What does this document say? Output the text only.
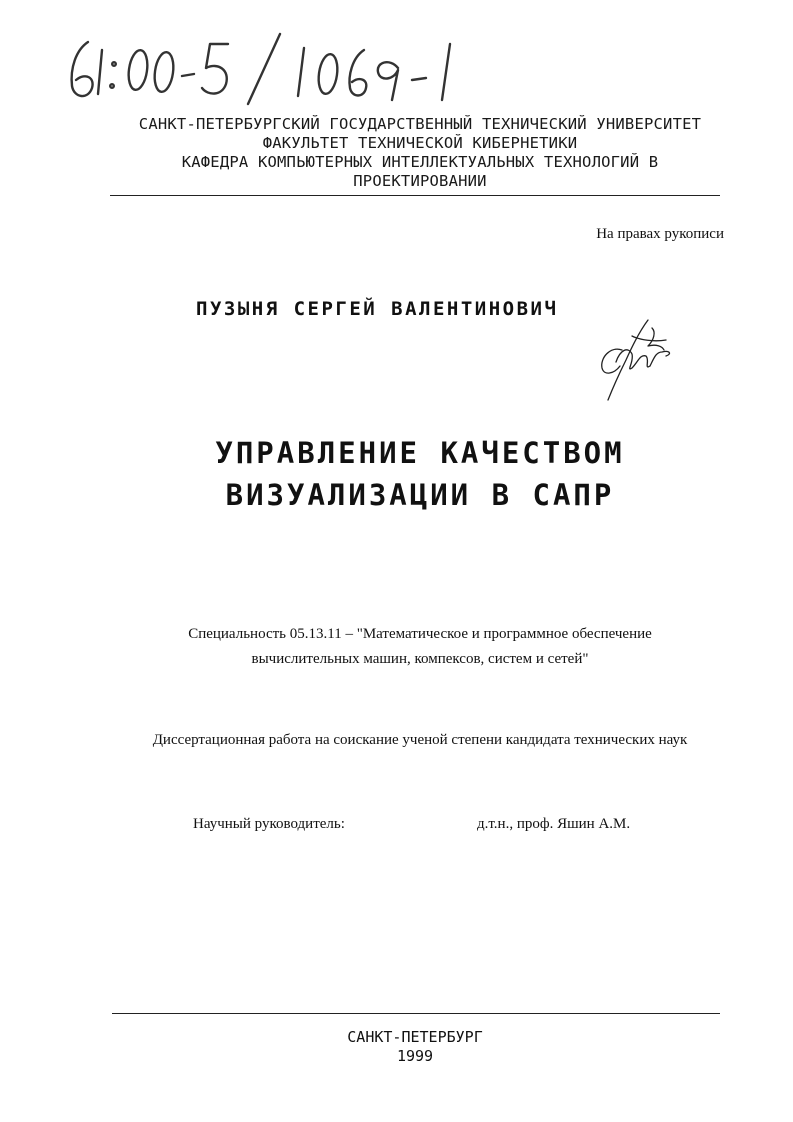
САНКТ-ПЕТЕРБУРГСКИЙ ГОСУДАРСТВЕННЫЙ ТЕХНИЧЕСКИЙ УНИВЕРСИТЕТ
ФАКУЛЬТЕТ ТЕХНИЧЕСКОЙ КИБЕРНЕТИКИ
КАФЕДРА КОМПЬЮТЕРНЫХ ИНТЕЛЛЕКТУАЛЬНЫХ ТЕХНОЛОГИЙ В
ПРОЕКТИРОВАНИИ
На правах рукописи
ПУЗЫНЯ СЕРГЕЙ ВАЛЕНТИНОВИЧ
УПРАВЛЕНИЕ КАЧЕСТВОМ
ВИЗУАЛИЗАЦИИ В САПР
Специальность 05.13.11 – "Математическое и программное обеспечение
вычислительных машин, компексов, систем и сетей"
Диссертационная работа на соискание ученой степени кандидата технических наук
Научный руководитель:	д.т.н., проф. Яшин А.М.
САНКТ-ПЕТЕРБУРГ
1999
